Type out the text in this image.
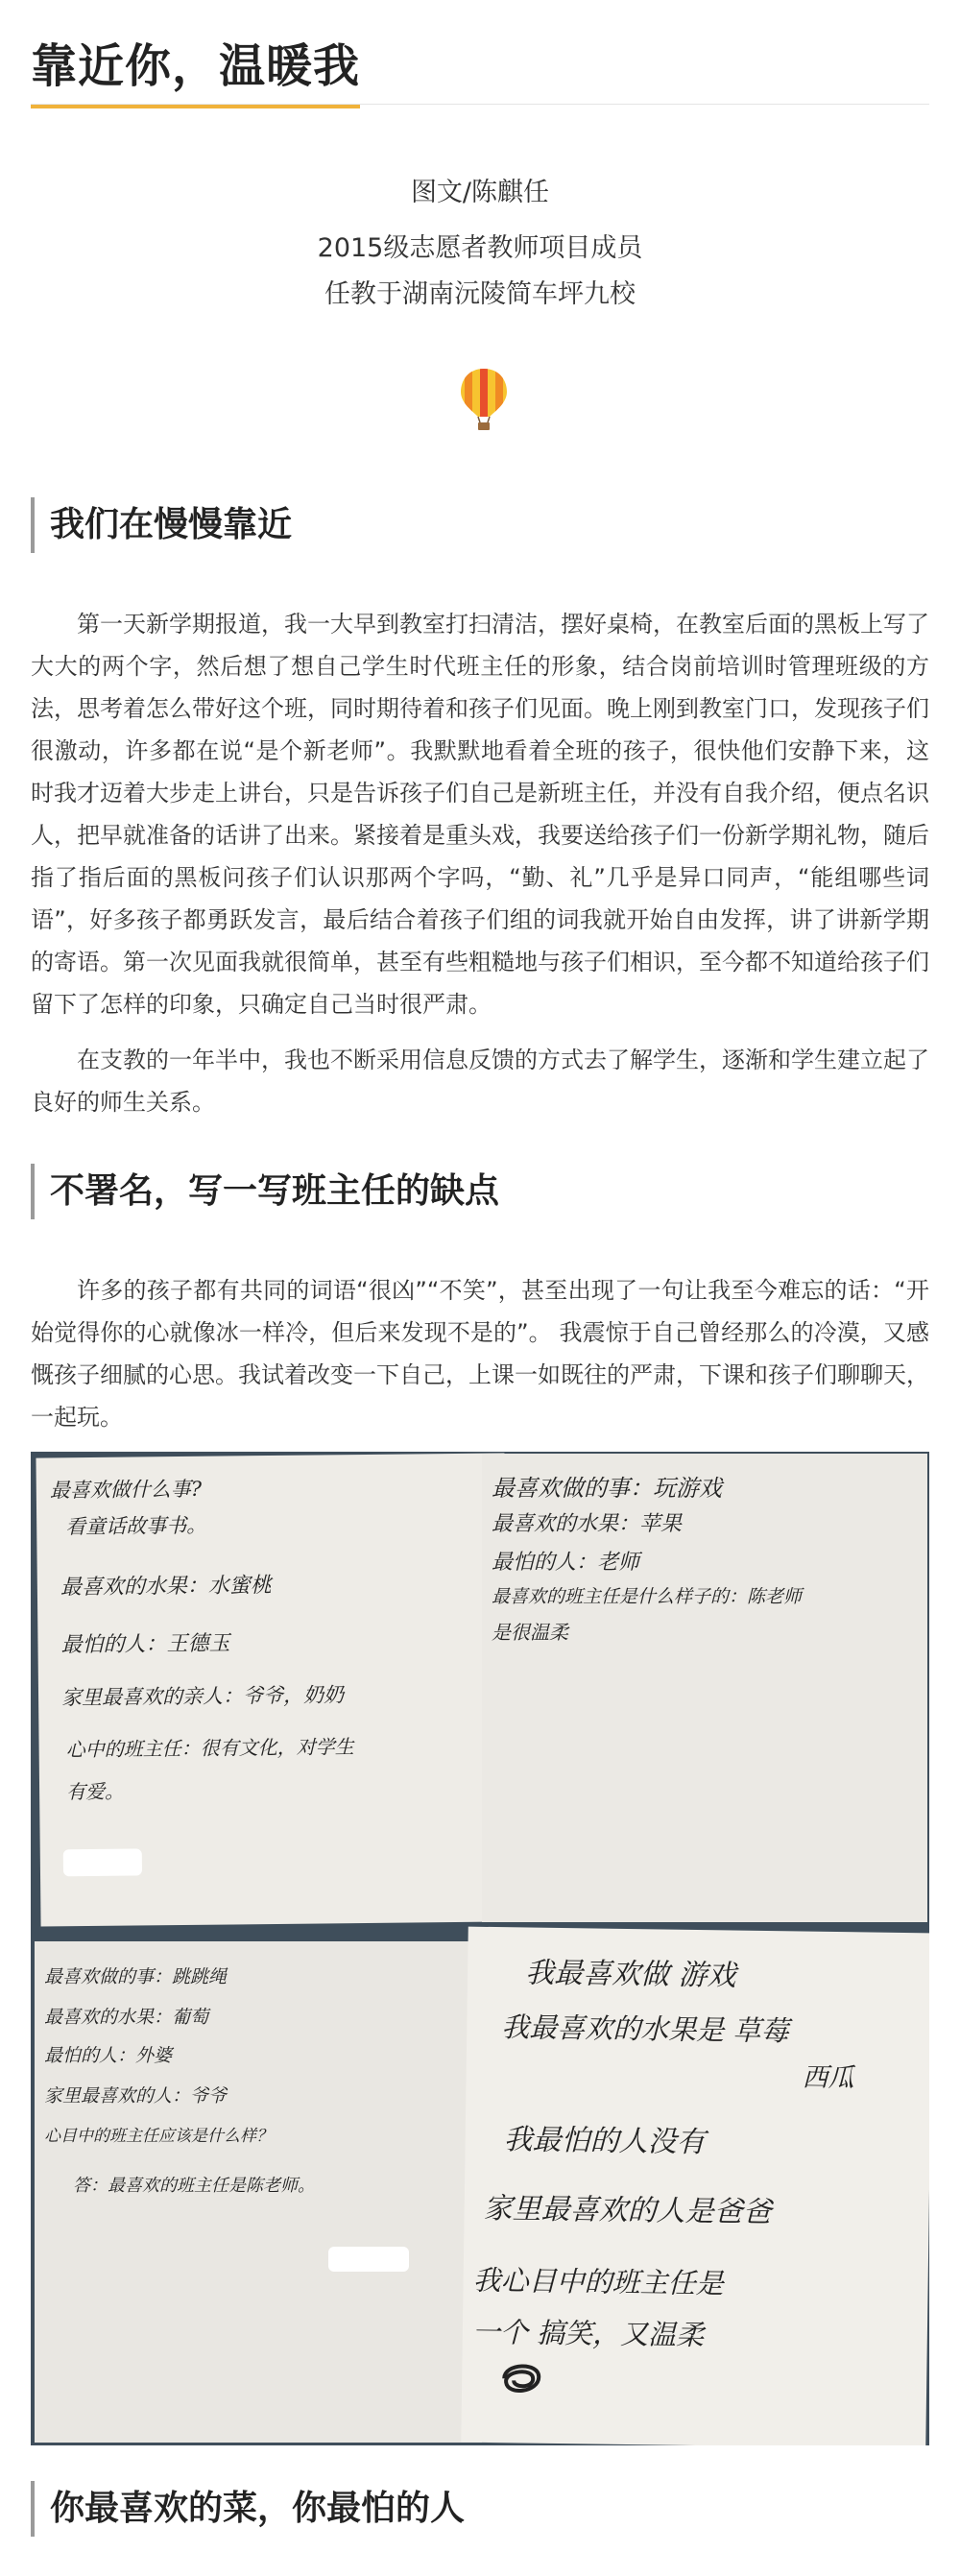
靠近你，温暖我
图文/陈麒任
2015级志愿者教师项目成员
任教于湖南沅陵简车坪九校
我们在慢慢靠近

第一天新学期报道，我一大早到教室打扫清洁，摆好桌椅，在教室后面的黑板上写了大大的两个字，然后想了想自己学生时代班主任的形象，结合岗前培训时管理班级的方法，思考着怎么带好这个班，同时期待着和孩子们见面。晚上刚到教室门口，发现孩子们很激动，许多都在说“是个新老师”。我默默地看着全班的孩子，很快他们安静下来，这时我才迈着大步走上讲台，只是告诉孩子们自己是新班主任，并没有自我介绍，便点名识人，把早就准备的话讲了出来。紧接着是重头戏，我要送给孩子们一份新学期礼物，随后指了指后面的黑板问孩子们认识那两个字吗，“勤、礼”几乎是异口同声，“能组哪些词语”，好多孩子都勇跃发言，最后结合着孩子们组的词我就开始自由发挥，讲了讲新学期的寄语。第一次见面我就很简单，甚至有些粗糙地与孩子们相识，至今都不知道给孩子们留下了怎样的印象，只确定自己当时很严肃。

在支教的一年半中，我也不断采用信息反馈的方式去了解学生，逐渐和学生建立起了良好的师生关系。

不署名，写一写班主任的缺点

许多的孩子都有共同的词语“很凶”“不笑”，甚至出现了一句让我至今难忘的话：“开始觉得你的心就像冰一样冷，但后来发现不是的”。 我震惊于自己曾经那么的冷漠，又感慨孩子细腻的心思。我试着改变一下自己，上课一如既往的严肃，下课和孩子们聊聊天，一起玩。

最喜欢做什么事?
看童话故事书。
最喜欢的水果：水蜜桃
最怕的人：王德玉
家里最喜欢的亲人：爷爷，奶奶
心中的班主任：很有文化，对学生
有爱。
最喜欢做的事：玩游戏
最喜欢的水果：苹果
最怕的人：老师
最喜欢的班主任是什么样子的：陈老师
是很温柔
最喜欢做的事：跳跳绳
最喜欢的水果：葡萄
最怕的人：外婆
家里最喜欢的人：爷爷
心目中的班主任应该是什么样？
答：最喜欢的班主任是陈老师。
我最喜欢做 游戏
我最喜欢的水果是 草莓
西瓜
我最怕的人没有
家里最喜欢的人是爸爸
我心目中的班主任是
一个 搞笑，又温柔
你最喜欢的菜，你最怕的人
